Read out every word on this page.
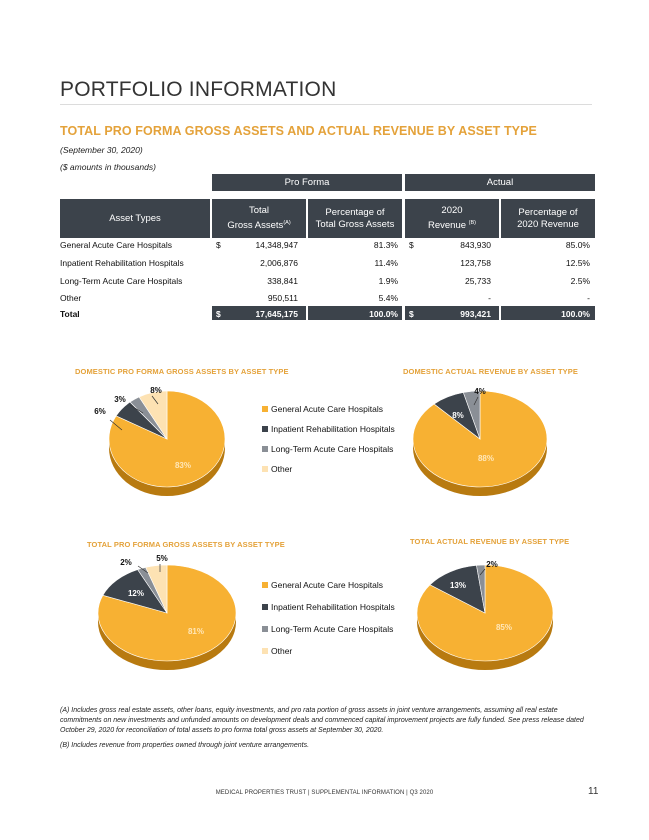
PORTFOLIO INFORMATION
TOTAL PRO FORMA GROSS ASSETS AND ACTUAL REVENUE BY ASSET TYPE
(September 30, 2020)
($ amounts in thousands)
Pro Forma	Actual
Asset Types
Total
Gross Assets$^{(A)}$
Percentage of
Total Gross Assets
2020
Revenue $^{(B)}$
Percentage of
2020 Revenue
General Acute Care Hospitals	$	14,348,947	81.3% $	843,930	85.0%
Inpatient Rehabilitation Hospitals	2,006,876	11.4%	123,758	12.5%
Long-Term Acute Care Hospitals	338,841	1.9%	25,733	2.5%
Other	950,511	5.4%	-	-
Total	$	17,645,175	100.0% $	993,421	100.0%
DOMESTIC PRO FORMA GROSS ASSETS BY ASSET TYPE	DOMESTIC ACTUAL REVENUE BY ASSET TYPE
TOTAL PRO FORMA GROSS ASSETS BY ASSET TYPE	TOTAL ACTUAL REVENUE BY ASSET TYPE
83%
6%
3%
8%
88%
8%
4%
81%
12%
2%	5%
85%
13%
2%
General Acute Care Hospitals
Inpatient Rehabilitation Hospitals
Long-Term Acute Care Hospitals
Other
General Acute Care Hospitals
Inpatient Rehabilitation Hospitals
Long-Term Acute Care Hospitals
Other
(A) Includes gross real estate assets, other loans, equity investments, and pro rata portion of gross assets in joint venture arrangements, assuming all real estate commitments on new investments and unfunded amounts on development deals and commenced capital improvement projects are fully funded. See press release dated October 29, 2020 for reconciliation of total assets to pro forma total gross assets at September 30, 2020.
(B) Includes revenue from properties owned through joint venture arrangements.
MEDICAL PROPERTIES TRUST | SUPPLEMENTAL INFORMATION | Q3 2020	11
